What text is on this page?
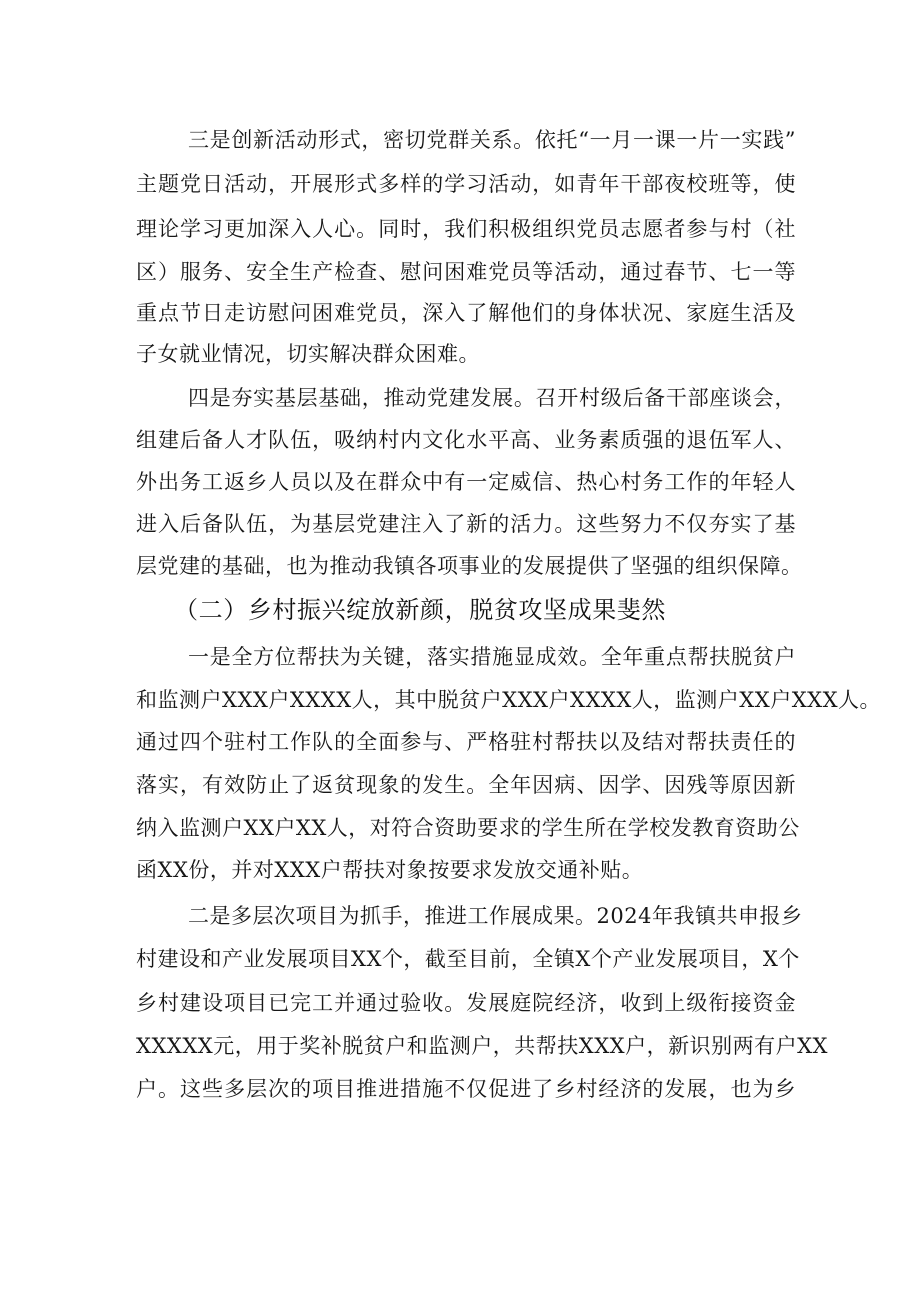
三是创新活动形式，密切党群关系。依托“一月一课一片一实践”
主题党日活动，开展形式多样的学习活动，如青年干部夜校班等，使
理论学习更加深入人心。同时，我们积极组织党员志愿者参与村（社
区）服务、安全生产检查、慰问困难党员等活动，通过春节、七一等
重点节日走访慰问困难党员，深入了解他们的身体状况、家庭生活及
子女就业情况，切实解决群众困难。
四是夯实基层基础，推动党建发展。召开村级后备干部座谈会，
组建后备人才队伍，吸纳村内文化水平高、业务素质强的退伍军人、
外出务工返乡人员以及在群众中有一定威信、热心村务工作的年轻人
进入后备队伍，为基层党建注入了新的活力。这些努力不仅夯实了基
层党建的基础，也为推动我镇各项事业的发展提供了坚强的组织保障。
（二）乡村振兴绽放新颜，脱贫攻坚成果斐然
一是全方位帮扶为关键，落实措施显成效。全年重点帮扶脱贫户
和监测户XXX户XXXX人，其中脱贫户XXX户XXXX人，监测户XX户XXX人。
通过四个驻村工作队的全面参与、严格驻村帮扶以及结对帮扶责任的
落实，有效防止了返贫现象的发生。全年因病、因学、因残等原因新
纳入监测户XX户XX人，对符合资助要求的学生所在学校发教育资助公
函XX份，并对XXX户帮扶对象按要求发放交通补贴。
二是多层次项目为抓手，推进工作展成果。2024年我镇共申报乡
村建设和产业发展项目XX个，截至目前，全镇X个产业发展项目，X个
乡村建设项目已完工并通过验收。发展庭院经济，收到上级衔接资金
XXXXX元，用于奖补脱贫户和监测户，共帮扶XXX户，新识别两有户XX
户。这些多层次的项目推进措施不仅促进了乡村经济的发展，也为乡
